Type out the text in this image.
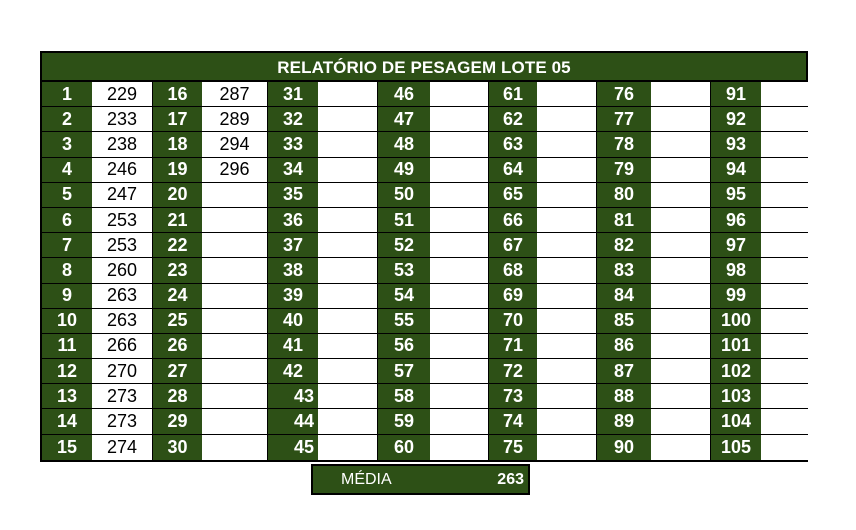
RELATÓRIO DE PESAGEM LOTE 05
1	229	16	287	31	46	61	76	91
2	233	17	289	32	47	62	77	92
3	238	18	294	33	48	63	78	93
4	246	19	296	34	49	64	79	94
5	247	20	35	50	65	80	95
6	253	21	36	51	66	81	96
7	253	22	37	52	67	82	97
8	260	23	38	53	68	83	98
9	263	24	39	54	69	84	99
10	263	25	40	55	70	85	100
11	266	26	41	56	71	86	101
12	270	27	42	57	72	87	102
13	273	28	43	58	73	88	103
14	273	29	44	59	74	89	104
15	274	30	45	60	75	90	105
MÉDIA	263
